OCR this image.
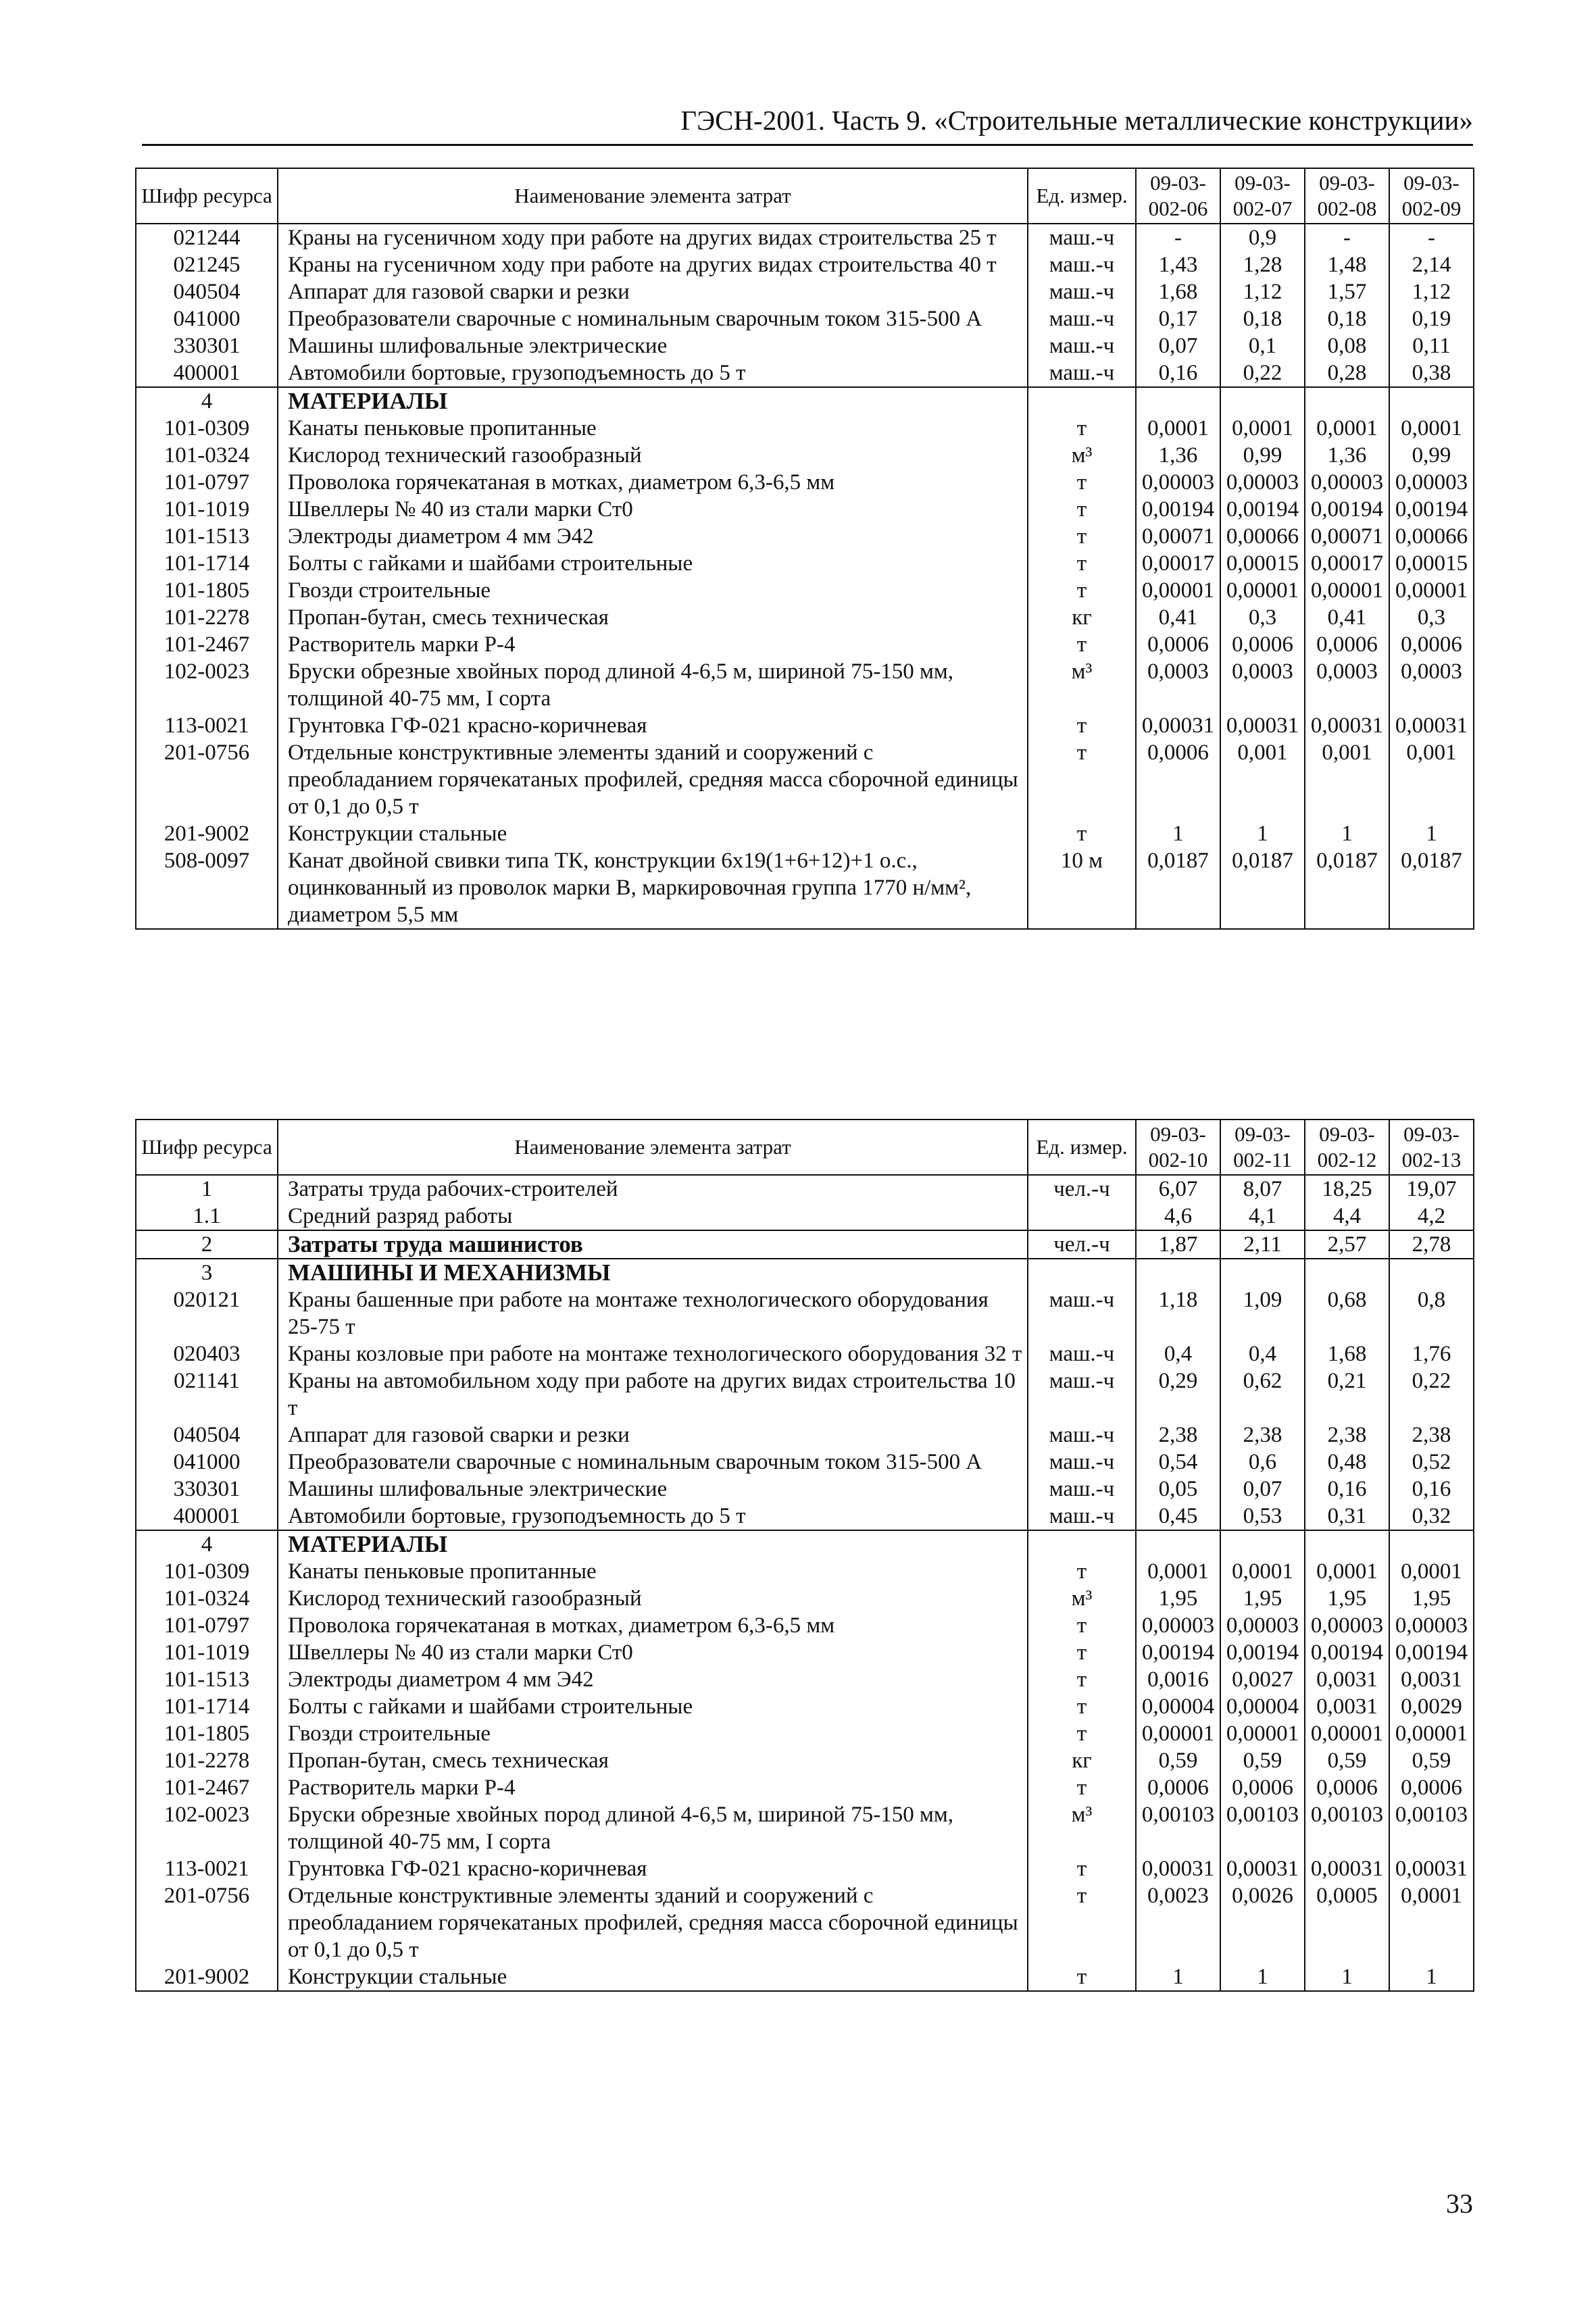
ГЭСН-2001. Часть 9. «Строительные металлические конструкции»
Шифр ресурса	Наименование элемента затрат	Ед. измер.	09-03-002-06	09-03-002-07	09-03-002-08	09-03-002-09
021244	Краны на гусеничном ходу при работе на других видах строительства 25 т	маш.-ч	-	0,9	-	-
021245	Краны на гусеничном ходу при работе на других видах строительства 40 т	маш.-ч	1,43	1,28	1,48	2,14
040504	Аппарат для газовой сварки и резки	маш.-ч	1,68	1,12	1,57	1,12
041000	Преобразователи сварочные с номинальным сварочным током 315-500 А	маш.-ч	0,17	0,18	0,18	0,19
330301	Машины шлифовальные электрические	маш.-ч	0,07	0,1	0,08	0,11
400001	Автомобили бортовые, грузоподъемность до 5 т	маш.-ч	0,16	0,22	0,28	0,38
4	МАТЕРИАЛЫ					
101-0309	Канаты пеньковые пропитанные	т	0,0001	0,0001	0,0001	0,0001
101-0324	Кислород технический газообразный	м³	1,36	0,99	1,36	0,99
101-0797	Проволока горячекатаная в мотках, диаметром 6,3-6,5 мм	т	0,00003	0,00003	0,00003	0,00003
101-1019	Швеллеры № 40 из стали марки Ст0	т	0,00194	0,00194	0,00194	0,00194
101-1513	Электроды диаметром 4 мм Э42	т	0,00071	0,00066	0,00071	0,00066
101-1714	Болты с гайками и шайбами строительные	т	0,00017	0,00015	0,00017	0,00015
101-1805	Гвозди строительные	т	0,00001	0,00001	0,00001	0,00001
101-2278	Пропан-бутан, смесь техническая	кг	0,41	0,3	0,41	0,3
101-2467	Растворитель марки Р-4	т	0,0006	0,0006	0,0006	0,0006
102-0023	Бруски обрезные хвойных пород длиной 4-6,5 м, шириной 75-150 мм, толщиной 40-75 мм, I сорта	м³	0,0003	0,0003	0,0003	0,0003
113-0021	Грунтовка ГФ-021 красно-коричневая	т	0,00031	0,00031	0,00031	0,00031
201-0756	Отдельные конструктивные элементы зданий и сооружений с преобладанием горячекатаных профилей, средняя масса сборочной единицы от 0,1 до 0,5 т	т	0,0006	0,001	0,001	0,001
201-9002	Конструкции стальные	т	1	1	1	1
508-0097	Канат двойной свивки типа ТК, конструкции 6х19(1+6+12)+1 о.с., оцинкованный из проволок марки В, маркировочная группа 1770 н/мм², диаметром 5,5 мм	10 м	0,0187	0,0187	0,0187	0,0187
Шифр ресурса	Наименование элемента затрат	Ед. измер.	09-03-002-10	09-03-002-11	09-03-002-12	09-03-002-13
1	Затраты труда рабочих-строителей	чел.-ч	6,07	8,07	18,25	19,07
1.1	Средний разряд работы		4,6	4,1	4,4	4,2
2	Затраты труда машинистов	чел.-ч	1,87	2,11	2,57	2,78
3	МАШИНЫ И МЕХАНИЗМЫ					
020121	Краны башенные при работе на монтаже технологического оборудования 25-75 т	маш.-ч	1,18	1,09	0,68	0,8
020403	Краны козловые при работе на монтаже технологического оборудования 32 т	маш.-ч	0,4	0,4	1,68	1,76
021141	Краны на автомобильном ходу при работе на других видах строительства 10 т	маш.-ч	0,29	0,62	0,21	0,22
040504	Аппарат для газовой сварки и резки	маш.-ч	2,38	2,38	2,38	2,38
041000	Преобразователи сварочные с номинальным сварочным током 315-500 А	маш.-ч	0,54	0,6	0,48	0,52
330301	Машины шлифовальные электрические	маш.-ч	0,05	0,07	0,16	0,16
400001	Автомобили бортовые, грузоподъемность до 5 т	маш.-ч	0,45	0,53	0,31	0,32
4	МАТЕРИАЛЫ					
101-0309	Канаты пеньковые пропитанные	т	0,0001	0,0001	0,0001	0,0001
101-0324	Кислород технический газообразный	м³	1,95	1,95	1,95	1,95
101-0797	Проволока горячекатаная в мотках, диаметром 6,3-6,5 мм	т	0,00003	0,00003	0,00003	0,00003
101-1019	Швеллеры № 40 из стали марки Ст0	т	0,00194	0,00194	0,00194	0,00194
101-1513	Электроды диаметром 4 мм Э42	т	0,0016	0,0027	0,0031	0,0031
101-1714	Болты с гайками и шайбами строительные	т	0,00004	0,00004	0,0031	0,0029
101-1805	Гвозди строительные	т	0,00001	0,00001	0,00001	0,00001
101-2278	Пропан-бутан, смесь техническая	кг	0,59	0,59	0,59	0,59
101-2467	Растворитель марки Р-4	т	0,0006	0,0006	0,0006	0,0006
102-0023	Бруски обрезные хвойных пород длиной 4-6,5 м, шириной 75-150 мм, толщиной 40-75 мм, I сорта	м³	0,00103	0,00103	0,00103	0,00103
113-0021	Грунтовка ГФ-021 красно-коричневая	т	0,00031	0,00031	0,00031	0,00031
201-0756	Отдельные конструктивные элементы зданий и сооружений с преобладанием горячекатаных профилей, средняя масса сборочной единицы от 0,1 до 0,5 т	т	0,0023	0,0026	0,0005	0,0001
201-9002	Конструкции стальные	т	1	1	1	1
33
